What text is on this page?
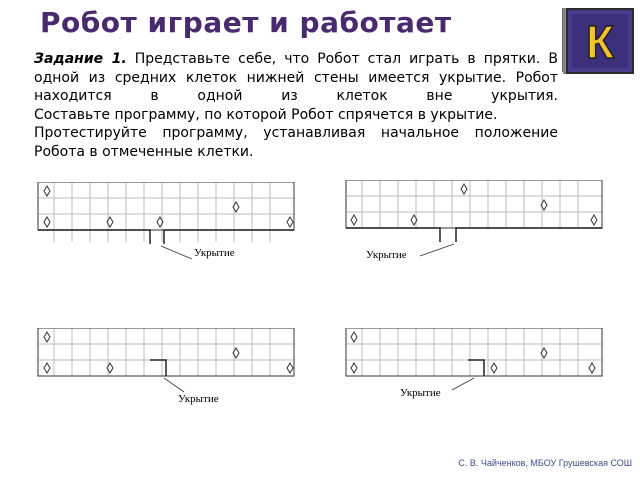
Робот играет и работает	К

Задание 1. Представьте себе, что Робот стал играть в прятки. В одной из средних клеток нижней стены имеется укрытие. Робот находится в одной из клеток вне укрытия.

Составьте программу, по которой Робот спрячется в укрытие.

Протестируйте программу, устанавливая начальное положение Робота в отмеченные клетки.

Укрытие	Укрытие
Укрытие	Укрытие
С. В. Чайченков, МБОУ Грушевская СОШ
